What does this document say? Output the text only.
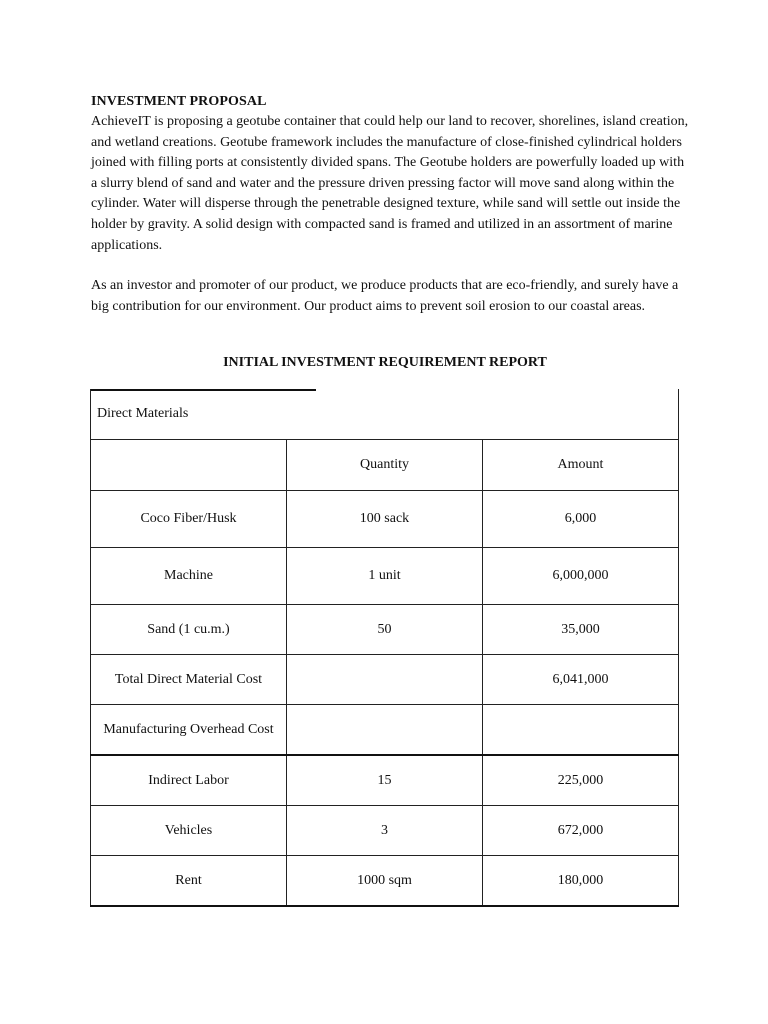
INVESTMENT PROPOSAL

AchieveIT is proposing a geotube container that could help our land to recover, shorelines, island creation, and wetland creations. Geotube framework includes the manufacture of close-finished cylindrical holders joined with filling ports at consistently divided spans. The Geotube holders are powerfully loaded up with a slurry blend of sand and water and the pressure driven pressing factor will move sand along within the cylinder. Water will disperse through the penetrable designed texture, while sand will settle out inside the holder by gravity. A solid design with compacted sand is framed and utilized in an assortment of marine applications.

As an investor and promoter of our product, we produce products that are eco-friendly, and surely have a big contribution for our environment. Our product aims to prevent soil erosion to our coastal areas.

INITIAL INVESTMENT REQUIREMENT REPORT
Direct Materials		
	Quantity	Amount
Coco Fiber/Husk	100 sack	6,000
Machine	1 unit	6,000,000
Sand (1 cu.m.)	50	35,000
Total Direct Material Cost		6,041,000
Manufacturing Overhead Cost		
Indirect Labor	15	225,000
Vehicles	3	672,000
Rent	1000 sqm	180,000
